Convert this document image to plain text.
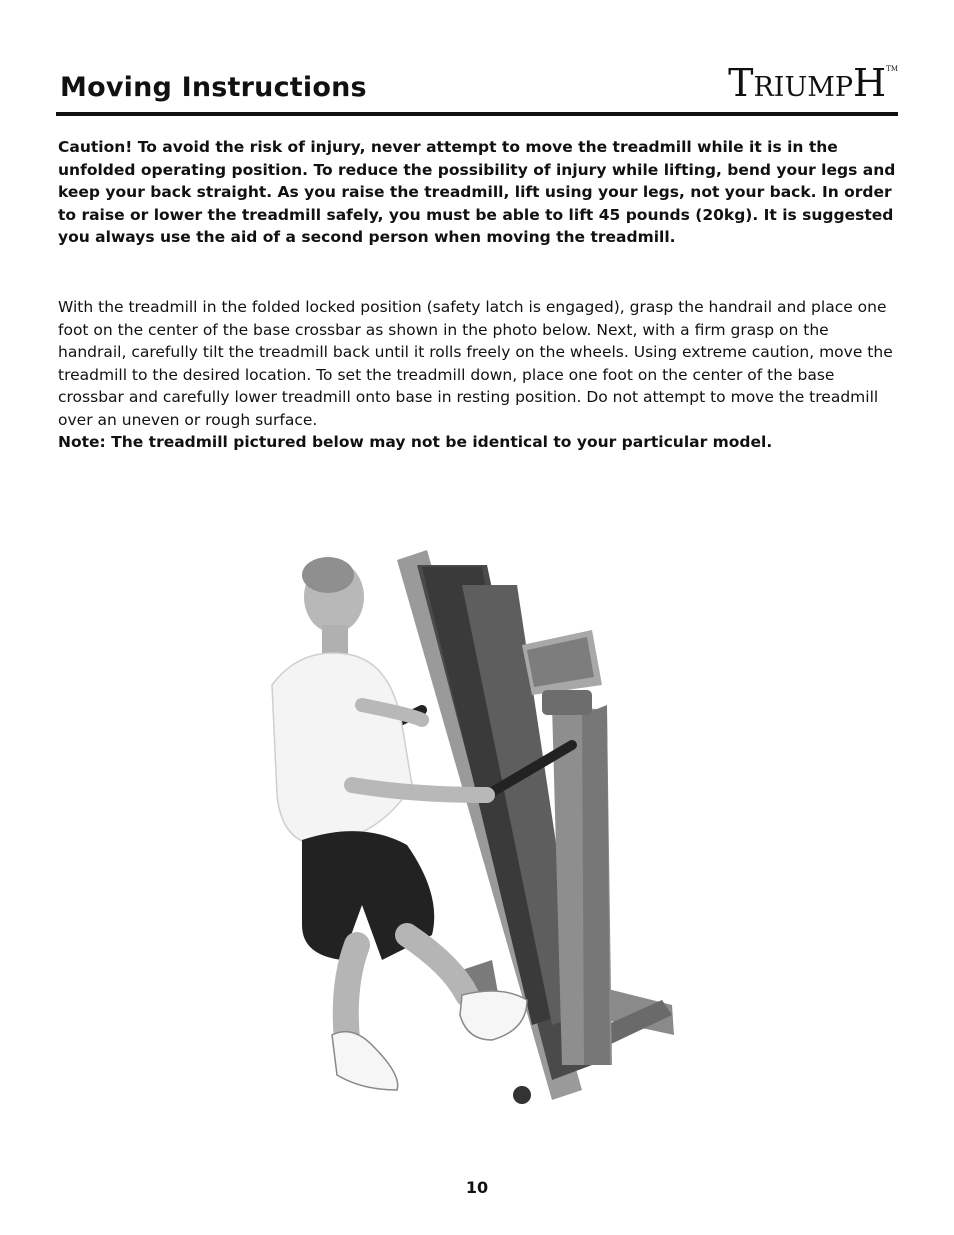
Moving Instructions	TRIUMPH™

Caution! To avoid the risk of injury, never attempt to move the treadmill while it is in the unfolded operating position. To reduce the possibility of injury while lifting, bend your legs and keep your back straight. As you raise the treadmill, lift using your legs, not your back. In order to raise or lower the treadmill safely, you must be able to lift 45 pounds (20kg). It is suggested you always use the aid of a second person when moving the treadmill.

With the treadmill in the folded locked position (safety latch is engaged), grasp the handrail and place one foot on the center of the base crossbar as shown in the photo below. Next, with a firm grasp on the handrail, carefully tilt the treadmill back until it rolls freely on the wheels. Using extreme caution, move the treadmill to the desired location. To set the treadmill down, place one foot on the center of the base crossbar and carefully lower treadmill onto base in resting position. Do not attempt to move the treadmill over an uneven or rough surface.

Note: The treadmill pictured below may not be identical to your particular model.

10
